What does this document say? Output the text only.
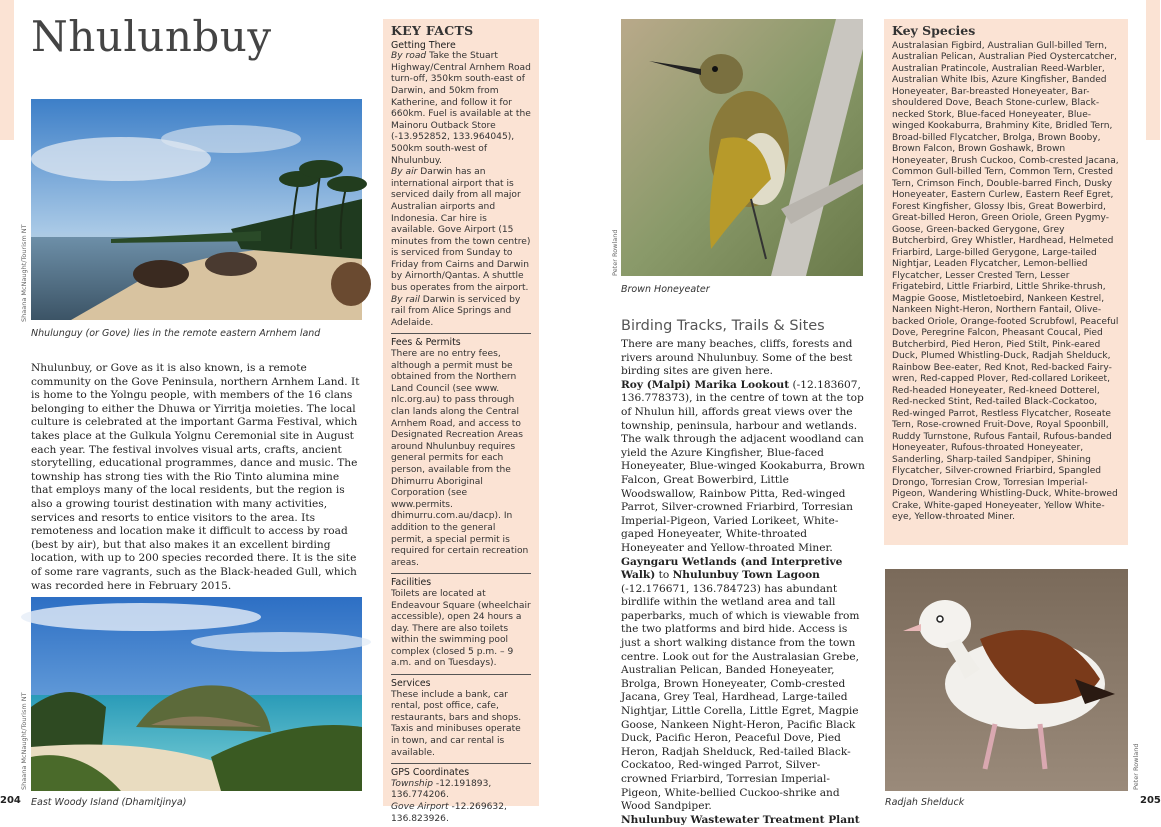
Nhulunbuy
Shaana McNaught/Tourism NT
Nhulunguy (or Gove) lies in the remote eastern Arnhem land
Nhulunbuy, or Gove as it is also known, is a remote community on the Gove Peninsula, northern Arnhem Land. It is home to the Yolngu people, with members of the 16 clans belonging to either the Dhuwa or Yirritja moieties. The local culture is celebrated at the important Garma Festival, which takes place at the Gulkula Yolgnu Ceremonial site in August each year. The festival involves visual arts, crafts, ancient storytelling, educational programmes, dance and music. The township has strong ties with the Rio Tinto alumina mine that employs many of the local residents, but the region is also a growing tourist destination with many activities, services and resorts to entice visitors to the area. Its remoteness and location make it difficult to access by road (best by air), but that also makes it an excellent birding location, with up to 200 species recorded there. It is the site of some rare vagrants, such as the Black-headed Gull, which was recorded here in February 2015.
Shaana McNaught/Tourism NT
East Woody Island (Dhamitjinya)
204
KEY FACTS
Getting There
By road Take the Stuart Highway/Central Arnhem Road turn-off, 350km south-east of Darwin, and 50km from Katherine, and follow it for 660km. Fuel is available at the Mainoru Outback Store (-13.952852, 133.964045), 500km south-west of Nhulunbuy.
By air Darwin has an international airport that is serviced daily from all major Australian airports and Indonesia. Car hire is available. Gove Airport (15 minutes from the town centre) is serviced from Sunday to Friday from Cairns and Darwin by Airnorth/Qantas. A shuttle bus operates from the airport.
By rail Darwin is serviced by rail from Alice Springs and Adelaide.
Fees & Permits
There are no entry fees, although a permit must be obtained from the Northern Land Council (see www. nlc.org.au) to pass through clan lands along the Central Arnhem Road, and access to Designated Recreation Areas around Nhulunbuy requires general permits for each person, available from the Dhimurru Aboriginal Corporation (see www.permits. dhimurru.com.au/dacp). In addition to the general permit, a special permit is required for certain recreation areas.
Facilities
Toilets are located at Endeavour Square (wheelchair accessible), open 24 hours a day. There are also toilets within the swimming pool complex (closed 5 p.m. – 9 a.m. and on Tuesdays).
Services
These include a bank, car rental, post office, cafe, restaurants, bars and shops. Taxis and minibuses operate in town, and car rental is available.
GPS Coordinates
Township -12.191893, 136.774206.
Gove Airport -12.269632, 136.823926.
Peter Rowland
Brown Honeyeater
Birding Tracks, Trails & Sites
There are many beaches, cliffs, forests and rivers around Nhulunbuy. Some of the best birding sites are given here.
Roy (Malpi) Marika Lookout (-12.183607, 136.778373), in the centre of town at the top of Nhulun hill, affords great views over the township, peninsula, harbour and wetlands. The walk through the adjacent woodland can yield the Azure Kingfisher, Blue-faced Honeyeater, Blue-winged Kookaburra, Brown Falcon, Great Bowerbird, Little Woodswallow, Rainbow Pitta, Red-winged Parrot, Silver-crowned Friarbird, Torresian Imperial-Pigeon, Varied Lorikeet, White-gaped Honeyeater, White-throated Honeyeater and Yellow-throated Miner.
Gayngaru Wetlands (and Interpretive Walk) to Nhulunbuy Town Lagoon (-12.176671, 136.784723) has abundant birdlife within the wetland area and tall paperbarks, much of which is viewable from the two platforms and bird hide. Access is just a short walking distance from the town centre. Look out for the Australasian Grebe, Australian Pelican, Banded Honeyeater, Brolga, Brown Honeyeater, Comb-crested Jacana, Grey Teal, Hardhead, Large-tailed Nightjar, Little Corella, Little Egret, Magpie Goose, Nankeen Night-Heron, Pacific Black Duck, Pacific Heron, Peaceful Dove, Pied Heron, Radjah Shelduck, Red-tailed Black-Cockatoo, Red-winged Parrot, Silver-crowned Friarbird, Torresian Imperial-Pigeon, White-bellied Cuckoo-shrike and Wood Sandpiper.
Nhulunbuy Wastewater Treatment Plant
Key Species
Australasian Figbird, Australian Gull-billed Tern, Australian Pelican, Australian Pied Oystercatcher, Australian Pratincole, Australian Reed-Warbler, Australian White Ibis, Azure Kingfisher, Banded Honeyeater, Bar-breasted Honeyeater, Bar-shouldered Dove, Beach Stone-curlew, Black-necked Stork, Blue-faced Honeyeater, Blue-winged Kookaburra, Brahminy Kite, Bridled Tern, Broad-billed Flycatcher, Brolga, Brown Booby, Brown Falcon, Brown Goshawk, Brown Honeyeater, Brush Cuckoo, Comb-crested Jacana, Common Gull-billed Tern, Common Tern, Crested Tern, Crimson Finch, Double-barred Finch, Dusky Honeyeater, Eastern Curlew, Eastern Reef Egret, Forest Kingfisher, Glossy Ibis, Great Bowerbird, Great-billed Heron, Green Oriole, Green Pygmy-Goose, Green-backed Gerygone, Grey Butcherbird, Grey Whistler, Hardhead, Helmeted Friarbird, Large-billed Gerygone, Large-tailed Nightjar, Leaden Flycatcher, Lemon-bellied Flycatcher, Lesser Crested Tern, Lesser Frigatebird, Little Friarbird, Little Shrike-thrush, Magpie Goose, Mistletoebird, Nankeen Kestrel, Nankeen Night-Heron, Northern Fantail, Olive-backed Oriole, Orange-footed Scrubfowl, Peaceful Dove, Peregrine Falcon, Pheasant Coucal, Pied Butcherbird, Pied Heron, Pied Stilt, Pink-eared Duck, Plumed Whistling-Duck, Radjah Shelduck, Rainbow Bee-eater, Red Knot, Red-backed Fairy-wren, Red-capped Plover, Red-collared Lorikeet, Red-headed Honeyeater, Red-kneed Dotterel, Red-necked Stint, Red-tailed Black-Cockatoo, Red-winged Parrot, Restless Flycatcher, Roseate Tern, Rose-crowned Fruit-Dove, Royal Spoonbill, Ruddy Turnstone, Rufous Fantail, Rufous-banded Honeyeater, Rufous-throated Honeyeater, Sanderling, Sharp-tailed Sandpiper, Shining Flycatcher, Silver-crowned Friarbird, Spangled Drongo, Torresian Crow, Torresian Imperial-Pigeon, Wandering Whistling-Duck, White-browed Crake, White-gaped Honeyeater, Yellow White-eye, Yellow-throated Miner.
Peter Rowland
Radjah Shelduck	205
